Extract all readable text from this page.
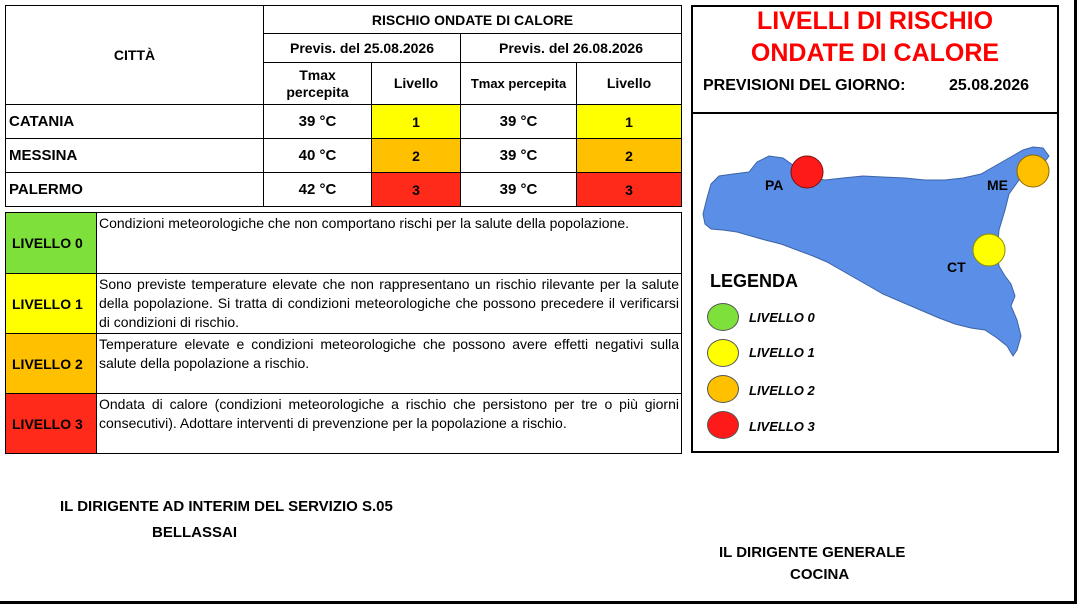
CITTÀ	RISCHIO ONDATE DI CALORE			
	Previs. del 25.08.2026		Previs. del 26.08.2026	
	Tmax percepita	Livello	Tmax percepita	Livello
CATANIA	39 °C	1	39 °C	1
MESSINA	40 °C	2	39 °C	2
PALERMO	42 °C	3	39 °C	3
LIVELLO 0	Condizioni meteorologiche che non comportano rischi per la salute della popolazione.
LIVELLO 1	Sono previste temperature elevate che non rappresentano un rischio rilevante per la salute della popolazione. Si tratta di condizioni meteorologiche che possono precedere il verificarsi di condizioni di rischio.
LIVELLO 2	Temperature elevate e condizioni meteorologiche che possono avere effetti negativi sulla salute della popolazione a rischio.
LIVELLO 3	Ondata di calore (condizioni meteorologiche a rischio che persistono per tre o più giorni consecutivi). Adottare interventi di prevenzione per la popolazione a rischio.
LIVELLI DI RISCHIO
ONDATE DI CALORE
PREVISIONI DEL GIORNO:	25.08.2026
PA	ME
CT
LEGENDA
LIVELLO 0
LIVELLO 1
LIVELLO 2
LIVELLO 3
IL DIRIGENTE AD INTERIM DEL SERVIZIO S.05
BELLASSAI
IL DIRIGENTE GENERALE
COCINA
